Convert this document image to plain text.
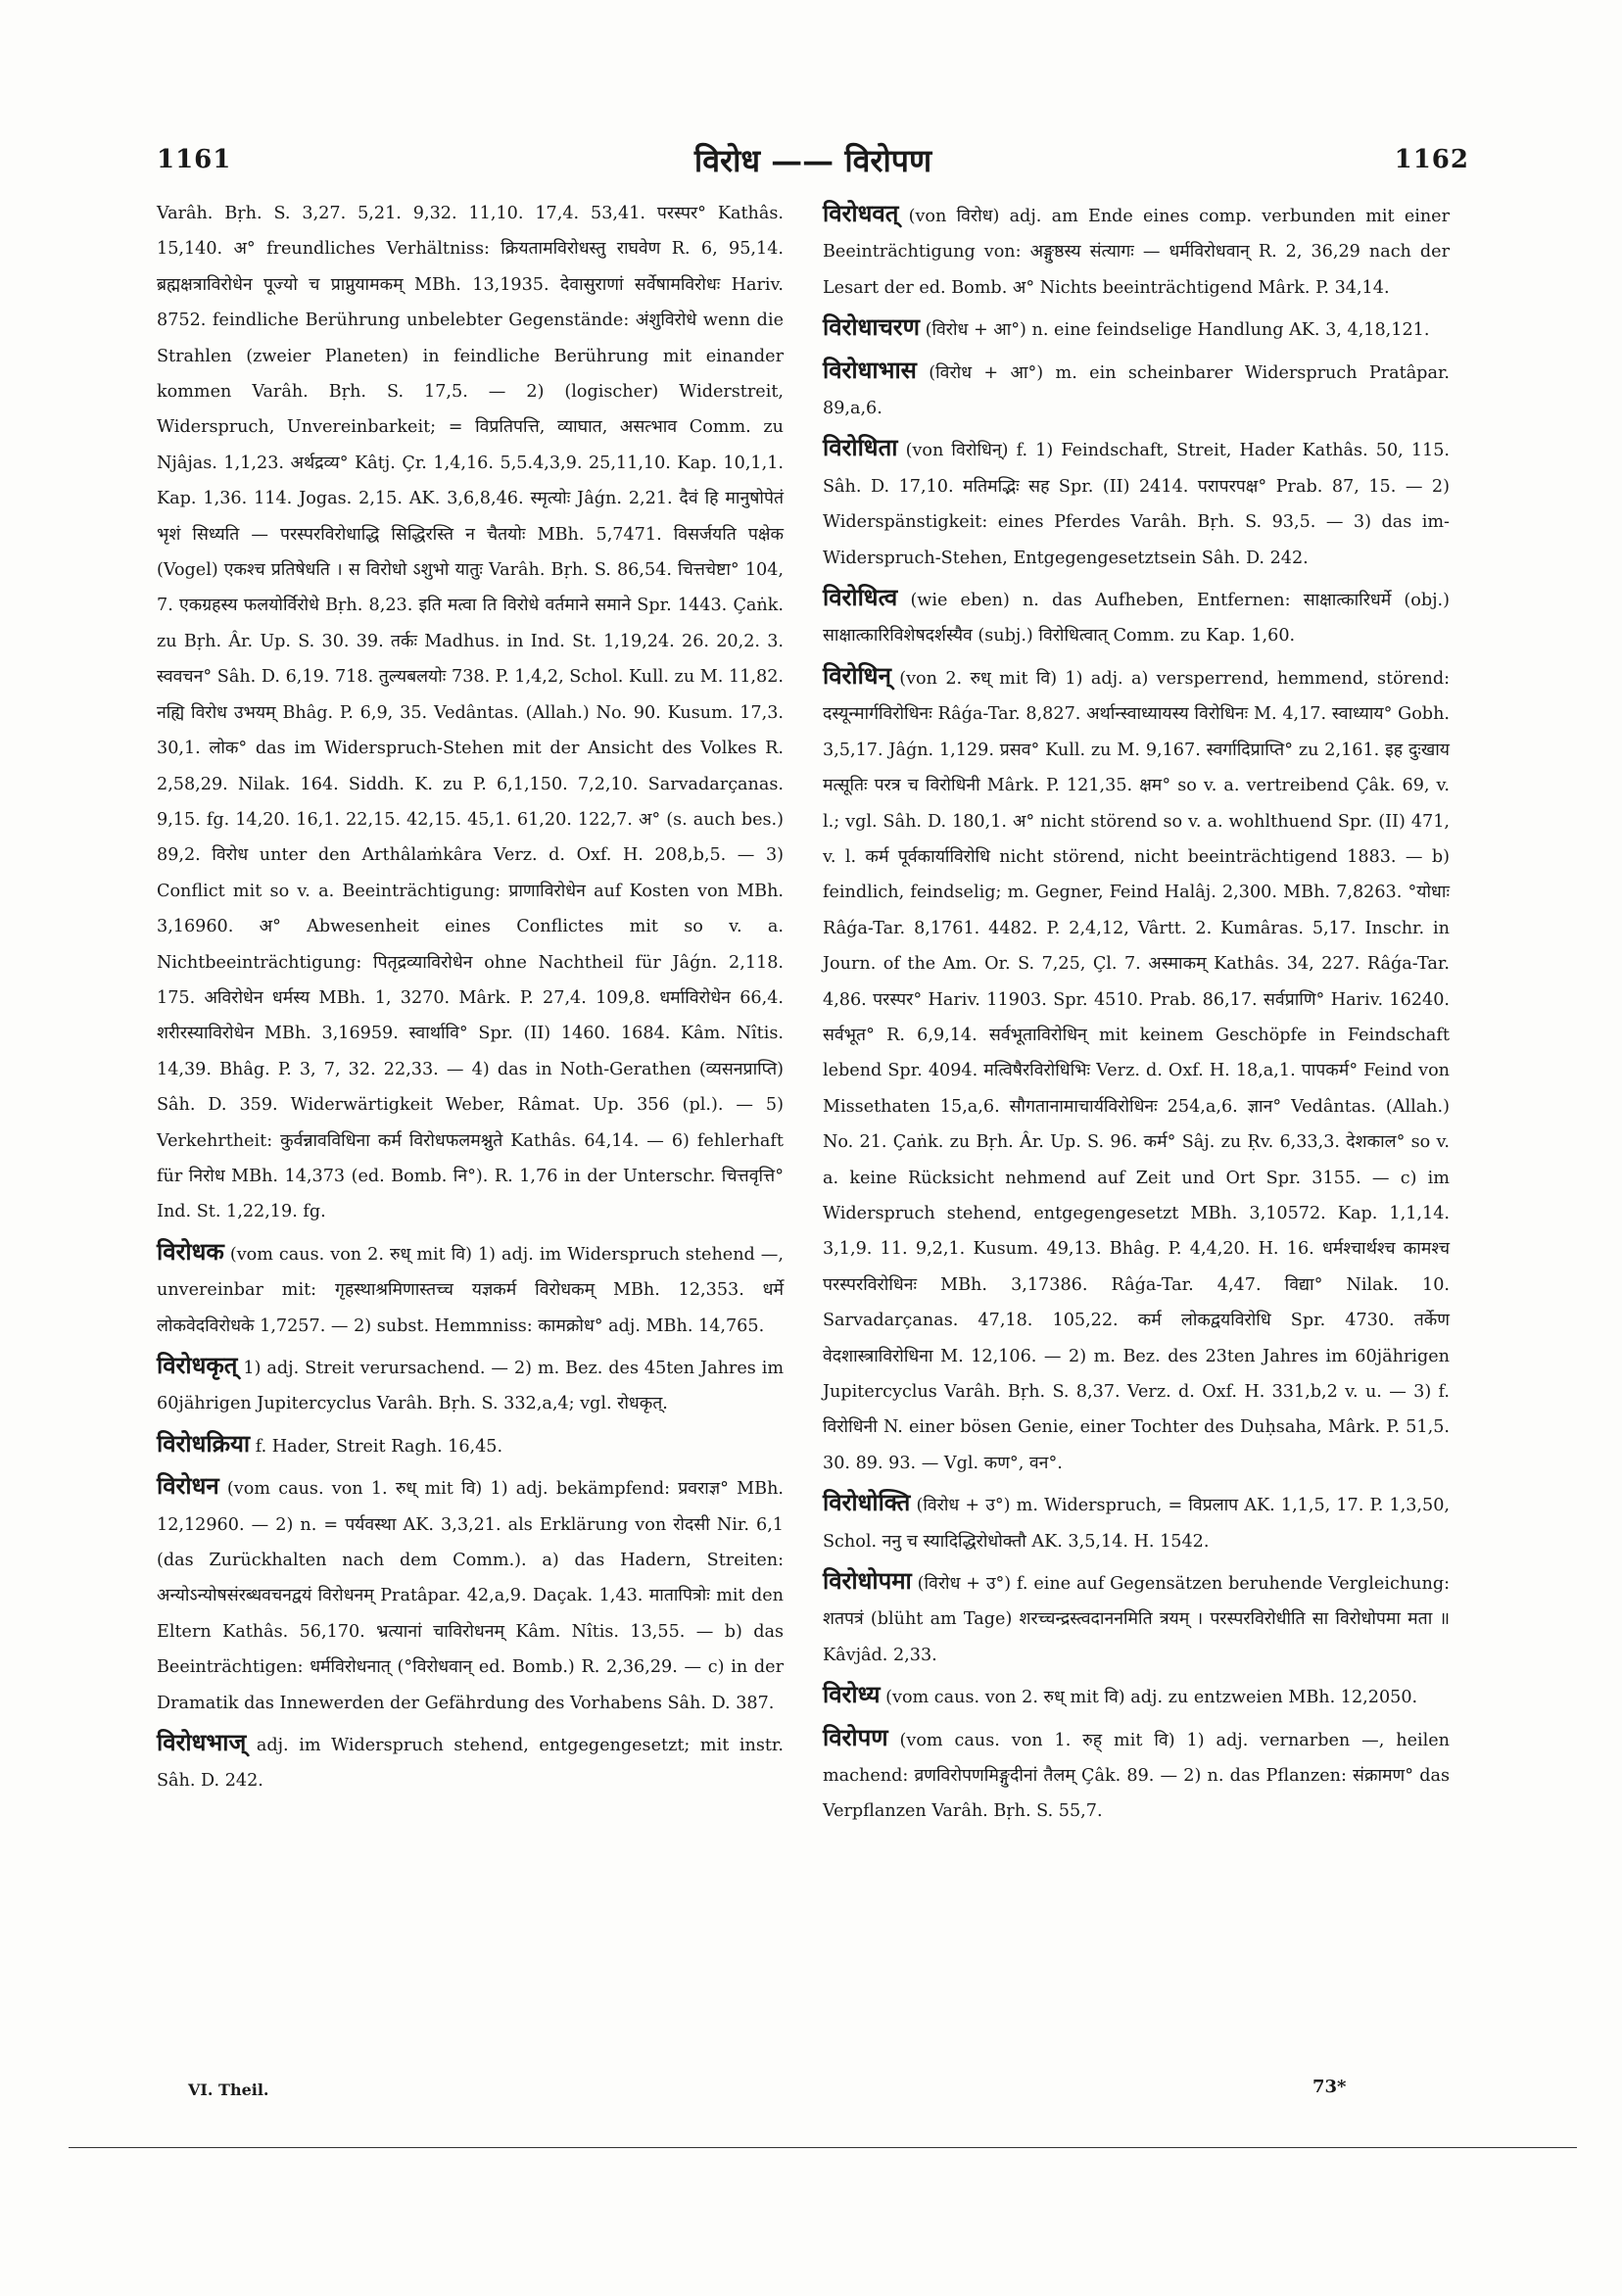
1161	विरोध —— विरोपण	1162

Varâh. Bṛh. S. 3,27. 5,21. 9,32. 11,10. 17,4. 53,41. परस्पर° Kathâs. 15,140. अ° freundliches Verhältniss: क्रियतामविरोधस्तु राघवेण R. 6, 95,14. ब्रह्मक्षत्राविरोधेन पूज्यो च प्राप्नुयामकम् MBh. 13,1935. देवासुराणां सर्वेषामविरोधः Hariv. 8752. feindliche Berührung unbelebter Gegenstände: अंशुविरोधे wenn die Strahlen (zweier Planeten) in feindliche Berührung mit einander kommen Varâh. Bṛh. S. 17,5. — 2) (logischer) Widerstreit, Widerspruch, Unvereinbarkeit; = विप्रतिपत्ति, व्याघात, असत्भाव Comm. zu Njâjas. 1,1,23. अर्थद्रव्य° Kâtj. Çr. 1,4,16. 5,5.4,3,9. 25,11,10. Kap. 10,1,1. Kap. 1,36. 114. Jogas. 2,15. AK. 3,6,8,46. स्मृत्योः Jâǵn. 2,21. दैवं हि मानुषोपेतं भृशं सिध्यति — परस्परविरोधाद्धि सिद्धिरस्ति न चैतयोः MBh. 5,7471. विसर्जयति पक्षेक (Vogel) एकश्च प्रतिषेधति । स विरोधो ऽशुभो यातुः Varâh. Bṛh. S. 86,54. चित्तचेष्टा° 104, 7. एकग्रहस्य फलयोर्विरोधे Bṛh. 8,23. इति मत्वा ति विरोधे वर्तमाने समाने Spr. 1443. Çaṅk. zu Bṛh. Âr. Up. S. 30. 39. तर्कः Madhus. in Ind. St. 1,19,24. 26. 20,2. 3. स्ववचन° Sâh. D. 6,19. 718. तुल्यबलयोः 738. P. 1,4,2, Schol. Kull. zu M. 11,82. नह्यि विरोध उभयम् Bhâg. P. 6,9, 35. Vedântas. (Allah.) No. 90. Kusum. 17,3. 30,1. लोक° das im Widerspruch-Stehen mit der Ansicht des Volkes R. 2,58,29. Nilak. 164. Siddh. K. zu P. 6,1,150. 7,2,10. Sarvadarçanas. 9,15. fg. 14,20. 16,1. 22,15. 42,15. 45,1. 61,20. 122,7. अ° (s. auch bes.) 89,2. विरोध unter den Arthâlaṁkâra Verz. d. Oxf. H. 208,b,5. — 3) Conflict mit so v. a. Beeinträchtigung: प्राणाविरोधेन auf Kosten von MBh. 3,16960. अ° Abwesenheit eines Conflictes mit so v. a. Nichtbeeinträchtigung: पितृद्रव्याविरोधेन ohne Nachtheil für Jâǵn. 2,118. 175. अविरोधेन धर्मस्य MBh. 1, 3270. Mârk. P. 27,4. 109,8. धर्माविरोधेन 66,4. शरीरस्याविरोधेन MBh. 3,16959. स्वार्थावि° Spr. (II) 1460. 1684. Kâm. Nîtis. 14,39. Bhâg. P. 3, 7, 32. 22,33. — 4) das in Noth-Gerathen (व्यसनप्राप्ति) Sâh. D. 359. Widerwärtigkeit Weber, Râmat. Up. 356 (pl.). — 5) Verkehrtheit: कुर्वन्नावविधिना कर्म विरोधफलमश्नुते Kathâs. 64,14. — 6) fehlerhaft für निरोध MBh. 14,373 (ed. Bomb. नि°). R. 1,76 in der Unterschr. चित्तवृत्ति° Ind. St. 1,22,19. fg.

विरोधक (vom caus. von 2. रुध् mit वि) 1) adj. im Widerspruch stehend —, unvereinbar mit: गृहस्थाश्रमिणास्तच्च यज्ञकर्म विरोधकम् MBh. 12,353. धर्मे लोकवेदविरोधके 1,7257. — 2) subst. Hemmniss: कामक्रोध° adj. MBh. 14,765.

विरोधकृत् 1) adj. Streit verursachend. — 2) m. Bez. des 45ten Jahres im 60jährigen Jupitercyclus Varâh. Bṛh. S. 332,a,4; vgl. रोधकृत्.

विरोधक्रिया f. Hader, Streit Ragh. 16,45.

विरोधन (vom caus. von 1. रुध् mit वि) 1) adj. bekämpfend: प्रवराज्ञ° MBh. 12,12960. — 2) n. = पर्यवस्था AK. 3,3,21. als Erklärung von रोदसी Nir. 6,1 (das Zurückhalten nach dem Comm.). a) das Hadern, Streiten: अन्योऽन्योषसंरब्धवचनद्वयं विरोधनम् Pratâpar. 42,a,9. Daçak. 1,43. मातापित्रोः mit den Eltern Kathâs. 56,170. भ्रत्यानां चाविरोधनम् Kâm. Nîtis. 13,55. — b) das Beeinträchtigen: धर्मविरोधनात् (°विरोधवान् ed. Bomb.) R. 2,36,29. — c) in der Dramatik das Innewerden der Gefährdung des Vorhabens Sâh. D. 387.

विरोधभाज् adj. im Widerspruch stehend, entgegengesetzt; mit instr. Sâh. D. 242.

विरोधवत् (von विरोध) adj. am Ende eines comp. verbunden mit einer Beeinträchtigung von: अङ्गुष्ठस्य संत्यागः — धर्मविरोधवान् R. 2, 36,29 nach der Lesart der ed. Bomb. अ° Nichts beeinträchtigend Mârk. P. 34,14.

विरोधाचरण (विरोध + आ°) n. eine feindselige Handlung AK. 3, 4,18,121.

विरोधाभास (विरोध + आ°) m. ein scheinbarer Widerspruch Pratâpar. 89,a,6.

विरोधिता (von विरोधिन्) f. 1) Feindschaft, Streit, Hader Kathâs. 50, 115. Sâh. D. 17,10. मतिमद्भिः सह Spr. (II) 2414. परापरपक्ष° Prab. 87, 15. — 2) Widerspänstigkeit: eines Pferdes Varâh. Bṛh. S. 93,5. — 3) das im-Widerspruch-Stehen, Entgegengesetztsein Sâh. D. 242.

विरोधित्व (wie eben) n. das Aufheben, Entfernen: साक्षात्कारिधर्मे (obj.) साक्षात्कारिविशेषदर्शस्यैव (subj.) विरोधित्वात् Comm. zu Kap. 1,60.

विरोधिन् (von 2. रुध् mit वि) 1) adj. a) versperrend, hemmend, störend: दस्यून्मार्गविरोधिनः Râǵa-Tar. 8,827. अर्थान्स्वाध्यायस्य विरोधिनः M. 4,17. स्वाध्याय° Gobh. 3,5,17. Jâǵn. 1,129. प्रसव° Kull. zu M. 9,167. स्वर्गादिप्राप्ति° zu 2,161. इह दुःखाय मत्सूतिः परत्र च विरोधिनी Mârk. P. 121,35. क्षम° so v. a. vertreibend Çâk. 69, v. l.; vgl. Sâh. D. 180,1. अ° nicht störend so v. a. wohlthuend Spr. (II) 471, v. l. कर्म पूर्वकार्याविरोधि nicht störend, nicht beeinträchtigend 1883. — b) feindlich, feindselig; m. Gegner, Feind Halâj. 2,300. MBh. 7,8263. °योधाः Râǵa-Tar. 8,1761. 4482. P. 2,4,12, Vârtt. 2. Kumâras. 5,17. Inschr. in Journ. of the Am. Or. S. 7,25, Çl. 7. अस्माकम् Kathâs. 34, 227. Râǵa-Tar. 4,86. परस्पर° Hariv. 11903. Spr. 4510. Prab. 86,17. सर्वप्राणि° Hariv. 16240. सर्वभूत° R. 6,9,14. सर्वभूताविरोधिन् mit keinem Geschöpfe in Feindschaft lebend Spr. 4094. मत्विषैरविरोधिभिः Verz. d. Oxf. H. 18,a,1. पापकर्म° Feind von Missethaten 15,a,6. सौगतानामाचार्यविरोधिनः 254,a,6. ज्ञान° Vedântas. (Allah.) No. 21. Çaṅk. zu Bṛh. Âr. Up. S. 96. कर्म° Sâj. zu Ṛv. 6,33,3. देशकाल° so v. a. keine Rücksicht nehmend auf Zeit und Ort Spr. 3155. — c) im Widerspruch stehend, entgegengesetzt MBh. 3,10572. Kap. 1,1,14. 3,1,9. 11. 9,2,1. Kusum. 49,13. Bhâg. P. 4,4,20. H. 16. धर्मश्चार्थश्च कामश्च परस्परविरोधिनः MBh. 3,17386. Râǵa-Tar. 4,47. विद्या° Nilak. 10. Sarvadarçanas. 47,18. 105,22. कर्म लोकद्वयविरोधि Spr. 4730. तर्केण वेदशास्त्राविरोधिना M. 12,106. — 2) m. Bez. des 23ten Jahres im 60jährigen Jupitercyclus Varâh. Bṛh. S. 8,37. Verz. d. Oxf. H. 331,b,2 v. u. — 3) f. विरोधिनी N. einer bösen Genie, einer Tochter des Duḥsaha, Mârk. P. 51,5. 30. 89. 93. — Vgl. कण°, वन°.

विरोधोक्ति (विरोध + उ°) m. Widerspruch, = विप्रलाप AK. 1,1,5, 17. P. 1,3,50, Schol. ननु च स्यादिद्धिरोधोक्तौ AK. 3,5,14. H. 1542.

विरोधोपमा (विरोध + उ°) f. eine auf Gegensätzen beruhende Vergleichung: शतपत्रं (blüht am Tage) शरच्चन्द्रस्त्वदाननमिति त्रयम् । परस्परविरोधीति सा विरोधोपमा मता ॥ Kâvjâd. 2,33.

विरोध्य (vom caus. von 2. रुध् mit वि) adj. zu entzweien MBh. 12,2050.

विरोपण (vom caus. von 1. रुह् mit वि) 1) adj. vernarben —, heilen machend: व्रणविरोपणमिङ्गुदीनां तैलम् Çâk. 89. — 2) n. das Pflanzen: संक्रामण° das Verpflanzen Varâh. Bṛh. S. 55,7.

VI. Theil.	73*
